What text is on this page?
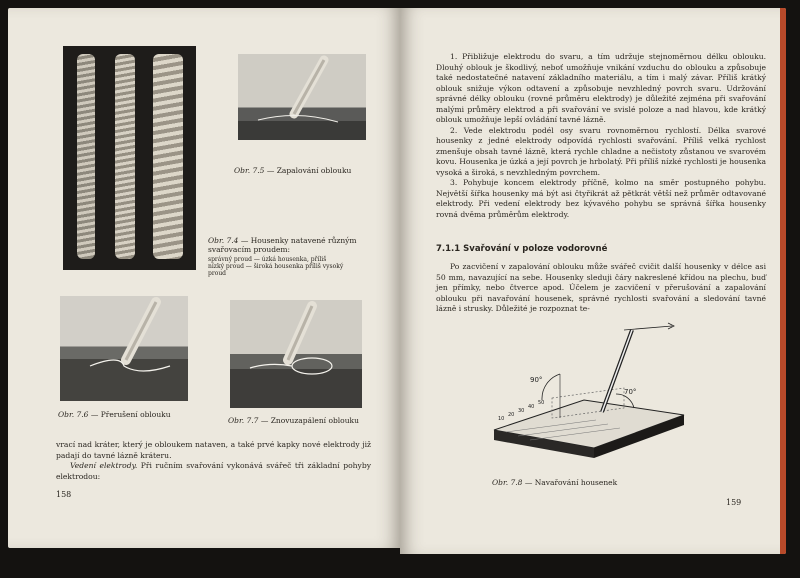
Obr. 7.5 — Zapalování oblouku
Obr. 7.4 — Housenky natavené různým svařovacím proudem:
správný proud — úzká housenka, příliš
nízký proud — široká housenka příliš vysoký
proud
Obr. 7.6 — Přerušení oblouku
Obr. 7.7 — Znovuzapálení oblouku

vrací nad kráter, který je obloukem nataven, a také prvé kapky nové elektrody již padají do tavné lázně kráteru.

Vedení elektrody. Při ručním svařování vykonává svářeč tři základní pohyby elektrodou:

158

1. Přibližuje elektrodu do svaru, a tím udržuje stejnoměrnou délku oblouku. Dlouhý oblouk je škodlivý, neboť umožňuje vnikání vzduchu do oblouku a způsobuje také nedostatečné natavení základního materiálu, a tím i malý závar. Příliš krátký oblouk snižuje výkon odtavení a způsobuje nevzhledný povrch svaru. Udržování správné délky oblouku (rovné průměru elektrody) je důležité zejména při svařování malými průměry elektrod a při svařování ve svislé poloze a nad hlavou, kde krátký oblouk umožňuje lepší ovládání tavné lázně.

2. Vede elektrodu podél osy svaru rovnoměrnou rychlostí. Délka svarové housenky z jedné elektrody odpovídá rychlosti svařování. Příliš velká rychlost zmenšuje obsah tavné lázně, která rychle chladne a nečistoty zůstanou ve svarovém kovu. Housenka je úzká a její povrch je hrbolatý. Při příliš nízké rychlosti je housenka vysoká a široká, s nevzhledným povrchem.

3. Pohybuje koncem elektrody příčně, kolmo na směr postupného pohybu. Největší šířka housenky má být asi čtyřikrát až pětkrát větší než průměr odtavované elektrody. Při vedení elektrody bez kývavého pohybu se správná šířka housenky rovná dvěma průměrům elektrody.

7.1.1 Svařování v poloze vodorovné

Po zacvičení v zapalování oblouku může svářeč cvičit další housenky v délce asi 50 mm, navazující na sebe. Housenky sleduji čáry nakreslené křídou na plechu, buď jen přímky, nebo čtverce apod. Účelem je zacvičení v přerušování a zapalování oblouku při navařování housenek, správné rychlosti svařování a sledování tavné lázně i strusky. Důležité je rozpoznat te-

90°
70°
10
20
30
40
50
Obr. 7.8 — Navařování housenek
159
